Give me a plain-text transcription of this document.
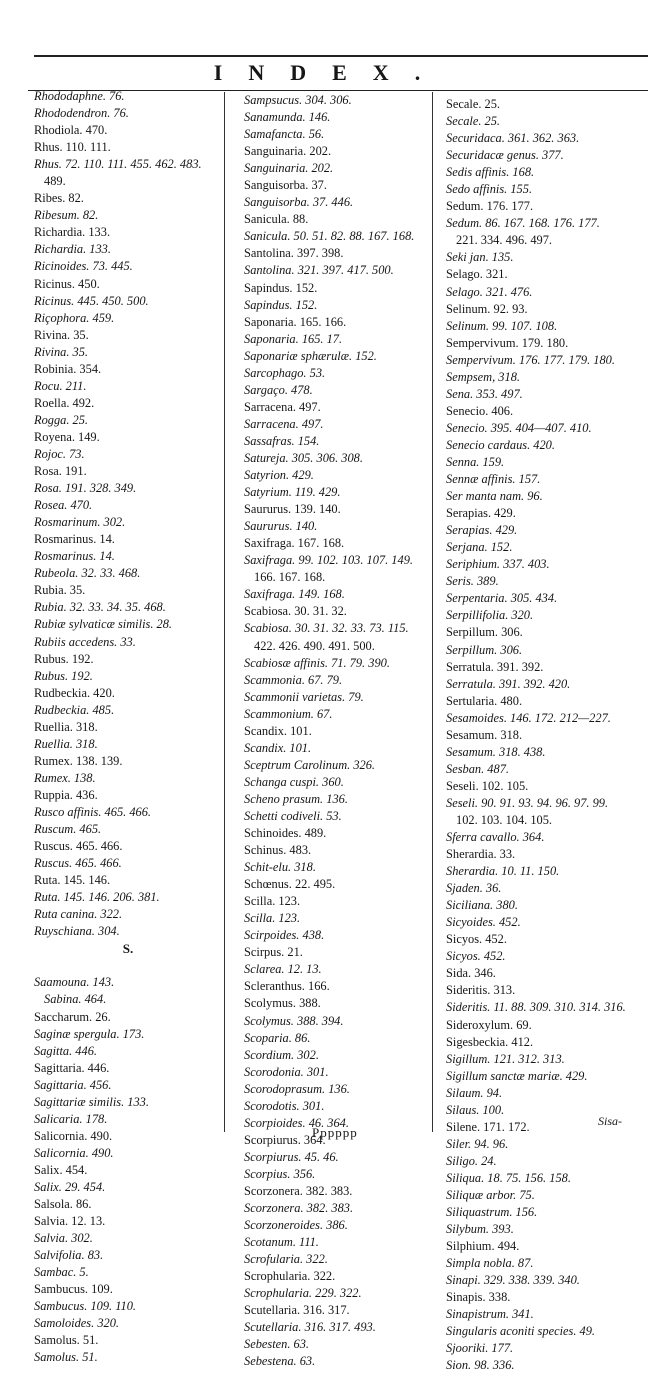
INDEX.
Rhododaphne. 76.
Rhododendron. 76.
Rhodiola. 470.
Rhus. 110. 111.
Rhus. 72. 110. 111. 455. 462. 483.
489.
Ribes. 82.
Ribesum. 82.
Richardia. 133.
Richardia. 133.
Ricinoides. 73. 445.
Ricinus. 450.
Ricinus. 445. 450. 500.
Riçophora. 459.
Rivina. 35.
Rivina. 35.
Robinia. 354.
Rocu. 211.
Roella. 492.
Rogga. 25.
Royena. 149.
Rojoc. 73.
Rosa. 191.
Rosa. 191. 328. 349.
Rosea. 470.
Rosmarinum. 302.
Rosmarinus. 14.
Rosmarinus. 14.
Rubeola. 32. 33. 468.
Rubia. 35.
Rubia. 32. 33. 34. 35. 468.
Rubiæ sylvaticæ similis. 28.
Rubiis accedens. 33.
Rubus. 192.
Rubus. 192.
Rudbeckia. 420.
Rudbeckia. 485.
Ruellia. 318.
Ruellia. 318.
Rumex. 138. 139.
Rumex. 138.
Ruppia. 436.
Rusco affinis. 465. 466.
Ruscum. 465.
Ruscus. 465. 466.
Ruscus. 465. 466.
Ruta. 145. 146.
Ruta. 145. 146. 206. 381.
Ruta canina. 322.
Ruyschiana. 304.
S.
Saamouna. 143.
Sabina. 464.
Saccharum. 26.
Saginæ spergula. 173.
Sagitta. 446.
Sagittaria. 446.
Sagittaria. 456.
Sagittariæ similis. 133.
Salicaria. 178.
Salicornia. 490.
Salicornia. 490.
Salix. 454.
Salix. 29. 454.
Salsola. 86.
Salvia. 12. 13.
Salvia. 302.
Salvifolia. 83.
Sambac. 5.
Sambucus. 109.
Sambucus. 109. 110.
Samoloides. 320.
Samolus. 51.
Samolus. 51.
Sampsucus. 304. 306.
Sanamunda. 146.
Samafancta. 56.
Sanguinaria. 202.
Sanguinaria. 202.
Sanguisorba. 37.
Sanguisorba. 37. 446.
Sanicula. 88.
Sanicula. 50. 51. 82. 88. 167. 168.
Santolina. 397. 398.
Santolina. 321. 397. 417. 500.
Sapindus. 152.
Sapindus. 152.
Saponaria. 165. 166.
Saponaria. 165. 17.
Saponariæ sphærulæ. 152.
Sarcophago. 53.
Sargaço. 478.
Sarracena. 497.
Sarracena. 497.
Sassafras. 154.
Satureja. 305. 306. 308.
Satyrion. 429.
Satyrium. 119. 429.
Saururus. 139. 140.
Saururus. 140.
Saxifraga. 167. 168.
Saxifraga. 99. 102. 103. 107. 149.
166. 167. 168.
Saxifraga. 149. 168.
Scabiosa. 30. 31. 32.
Scabiosa. 30. 31. 32. 33. 73. 115.
422. 426. 490. 491. 500.
Scabiosæ affinis. 71. 79. 390.
Scammonia. 67. 79.
Scammonii varietas. 79.
Scammonium. 67.
Scandix. 101.
Scandix. 101.
Sceptrum Carolinum. 326.
Schanga cuspi. 360.
Scheno prasum. 136.
Schetti codiveli. 53.
Schinoides. 489.
Schinus. 483.
Schit-elu. 318.
Schœnus. 22. 495.
Scilla. 123.
Scilla. 123.
Scirpoides. 438.
Scirpus. 21.
Sclarea. 12. 13.
Scleranthus. 166.
Scolymus. 388.
Scolymus. 388. 394.
Scoparia. 86.
Scordium. 302.
Scorodonia. 301.
Scorodoprasum. 136.
Scorodotis. 301.
Scorpioides. 46. 364.
Scorpiurus. 364.
Scorpiurus. 45. 46.
Scorpius. 356.
Scorzonera. 382. 383.
Scorzonera. 382. 383.
Scorzoneroides. 386.
Scotanum. 111.
Scrofularia. 322.
Scrophularia. 322.
Scrophularia. 229. 322.
Scutellaria. 316. 317.
Scutellaria. 316. 317. 493.
Sebesten. 63.
Sebestena. 63.
Secale. 25.
Secale. 25.
Securidaca. 361. 362. 363.
Securidacæ genus. 377.
Sedis affinis. 168.
Sedo affinis. 155.
Sedum. 176. 177.
Sedum. 86. 167. 168. 176. 177.
221. 334. 496. 497.
Seki jan. 135.
Selago. 321.
Selago. 321. 476.
Selinum. 92. 93.
Selinum. 99. 107. 108.
Sempervivum. 179. 180.
Sempervivum. 176. 177. 179. 180.
Sempsem, 318.
Sena. 353. 497.
Senecio. 406.
Senecio. 395. 404—407. 410.
Senecio cardaus. 420.
Senna. 159.
Sennæ affinis. 157.
Ser manta nam. 96.
Serapias. 429.
Serapias. 429.
Serjana. 152.
Seriphium. 337. 403.
Seris. 389.
Serpentaria. 305. 434.
Serpillifolia. 320.
Serpillum. 306.
Serpillum. 306.
Serratula. 391. 392.
Serratula. 391. 392. 420.
Sertularia. 480.
Sesamoides. 146. 172. 212—227.
Sesamum. 318.
Sesamum. 318. 438.
Sesban. 487.
Seseli. 102. 105.
Seseli. 90. 91. 93. 94. 96. 97. 99.
102. 103. 104. 105.
Sferra cavallo. 364.
Sherardia. 33.
Sherardia. 10. 11. 150.
Sjaden. 36.
Siciliana. 380.
Sicyoides. 452.
Sicyos. 452.
Sicyos. 452.
Sida. 346.
Sideritis. 313.
Sideritis. 11. 88. 309. 310. 314. 316.
Sideroxylum. 69.
Sigesbeckia. 412.
Sigillum. 121. 312. 313.
Sigillum sanctæ mariæ. 429.
Silaum. 94.
Silaus. 100.
Silene. 171. 172.
Siler. 94. 96.
Siligo. 24.
Siliqua. 18. 75. 156. 158.
Siliquæ arbor. 75.
Siliquastrum. 156.
Silybum. 393.
Silphium. 494.
Simpla nobla. 87.
Sinapi. 329. 338. 339. 340.
Sinapis. 338.
Sinapistrum. 341.
Singularis aconiti species. 49.
Sjooriki. 177.
Sion. 98. 336.
Pppppp
Sisa-
